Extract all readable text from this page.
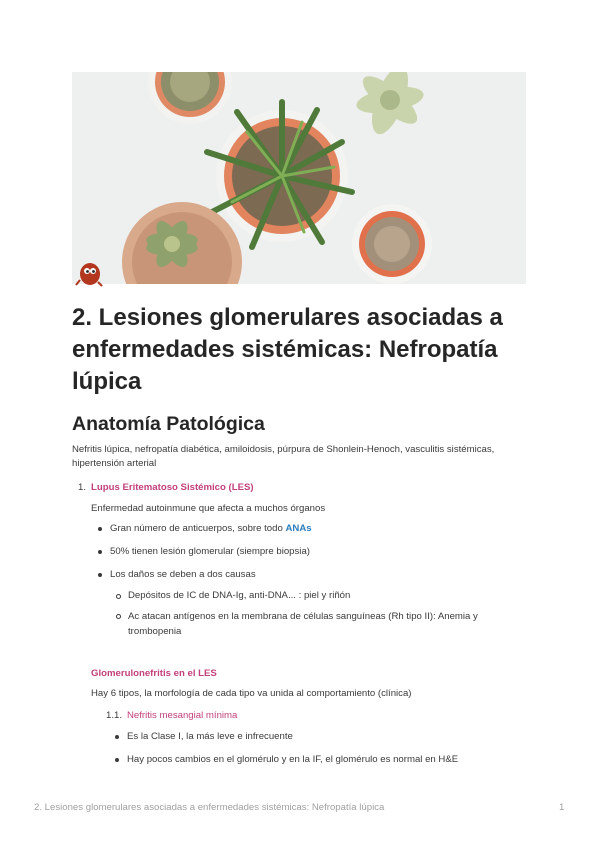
2. Lesiones glomerulares asociadas a enfermedades sistémicas: Nefropatía lúpica
Anatomía Patológica
Nefritis lúpica, nefropatía diabética, amiloidosis, púrpura de Shonlein-Henoch, vasculitis sistémicas, hipertensión arterial
1. Lupus Eritematoso Sistémico (LES)
Enfermedad autoinmune que afecta a muchos órganos
Gran número de anticuerpos, sobre todo ANAs
50% tienen lesión glomerular (siempre biopsia)
Los daños se deben a dos causas
Depósitos de IC de DNA-Ig, anti-DNA... : piel y riñón
Ac atacan antígenos en la membrana de células sanguíneas (Rh tipo II): Anemia y trombopenia
Glomerulonefritis en el LES
Hay 6 tipos, la morfología de cada tipo va unida al comportamiento (clínica)
1.1. Nefritis mesangial mínima
Es la Clase I, la más leve e infrecuente
Hay pocos cambios en el glomérulo y en la IF, el glomérulo es normal en H&E
2. Lesiones glomerulares asociadas a enfermedades sistémicas: Nefropatía lúpica	1
